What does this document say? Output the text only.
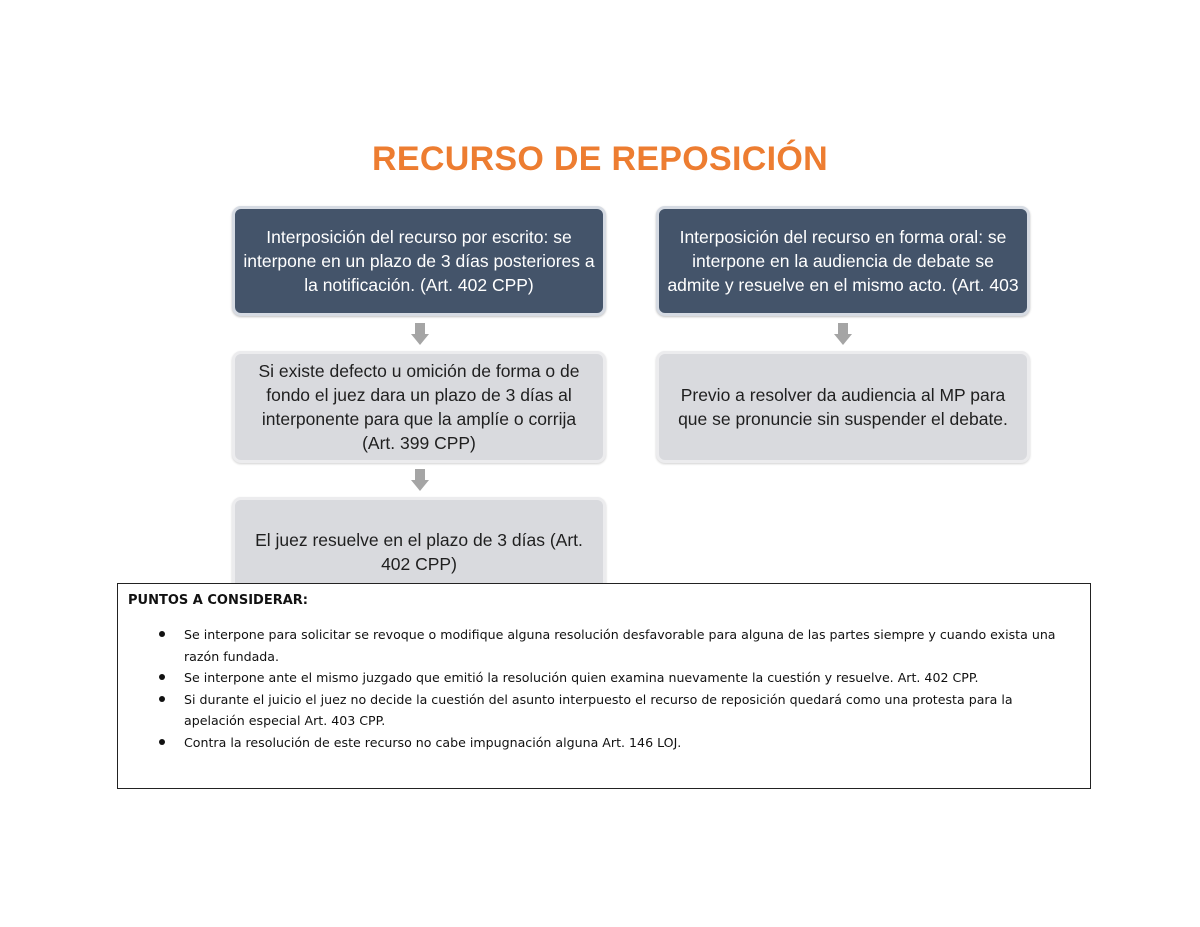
RECURSO DE REPOSICIÓN
Interposición del recurso por escrito: se interpone en un plazo de 3 días posteriores a la notificación. (Art. 402 CPP)
Si existe defecto u omición de forma o de fondo el juez dara un plazo de 3 días al interponente para que la amplíe o corrija (Art. 399 CPP)
El juez resuelve en el plazo de 3 días (Art. 402 CPP)
Interposición del recurso en forma oral: se interpone en la audiencia de debate se admite y resuelve en el mismo acto. (Art. 403
Previo a resolver da audiencia al MP para que se pronuncie sin suspender el debate.
PUNTOS A CONSIDERAR:
Se interpone para solicitar se revoque o modifique alguna resolución desfavorable para alguna de las partes siempre y cuando exista una razón fundada.
Se interpone ante el mismo juzgado que emitió la resolución quien examina nuevamente la cuestión y resuelve. Art. 402 CPP.
Si durante el juicio el juez no decide la cuestión del asunto interpuesto el recurso de reposición quedará como una protesta para la apelación especial Art. 403 CPP.
Contra la resolución de este recurso no cabe impugnación alguna Art. 146 LOJ.
